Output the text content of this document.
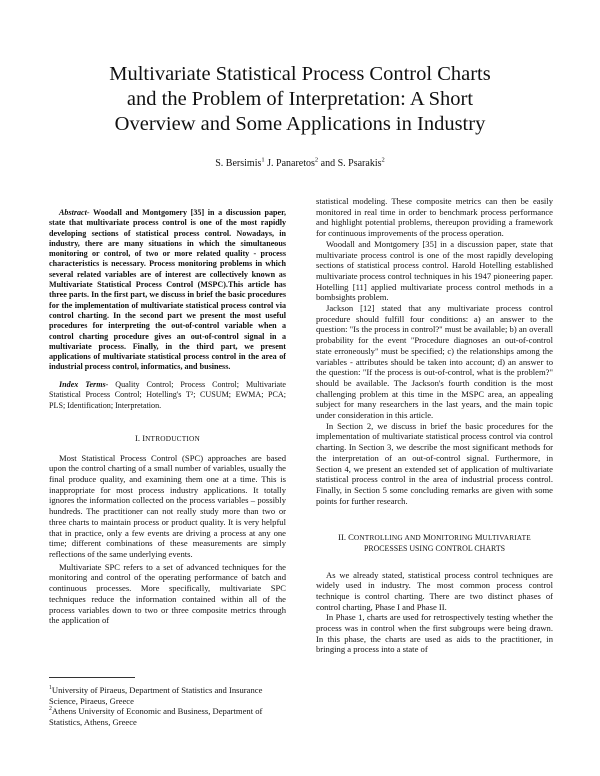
Multivariate Statistical Process Control Charts
and the Problem of Interpretation: A Short
Overview and Some Applications in Industry

S. Bersimis$^1$ J. Panaretos$^2$ and S. Psarakis$^2$

Abstract- Woodall and Montgomery [35] in a discussion paper, state that multivariate process control is one of the most rapidly developing sections of statistical process control. Nowadays, in industry, there are many situations in which the simultaneous monitoring or control, of two or more related quality - process characteristics is necessary. Process monitoring problems in which several related variables are of interest are collectively known as Multivariate Statistical Process Control (MSPC).This article has three parts. In the first part, we discuss in brief the basic procedures for the implementation of multivariate statistical process control via control charting. In the second part we present the most useful procedures for interpreting the out-of-control variable when a control charting procedure gives an out-of-control signal in a multivariate process. Finally, in the third part, we present applications of multivariate statistical process control in the area of industrial process control, informatics, and business.

Index Terms- Quality Control; Process Control; Multivariate Statistical Process Control; Hotelling's T²; CUSUM; EWMA; PCA; PLS; Identification; Interpretation.

I. INTRODUCTION

Most Statistical Process Control (SPC) approaches are based upon the control charting of a small number of variables, usually the final produce quality, and examining them one at a time. This is inappropriate for most process industry applications. It totally ignores the information collected on the process variables – possibly hundreds. The practitioner can not really study more than two or three charts to maintain process or product quality. It is very helpful that in practice, only a few events are driving a process at any one time; different combinations of these measurements are simply reflections of the same underlying events.

Multivariate SPC refers to a set of advanced techniques for the monitoring and control of the operating performance of batch and continuous processes. More specifically, multivariate SPC techniques reduce the information contained within all of the process variables down to two or three composite metrics through the application of

$^1$University of Piraeus, Department of Statistics and Insurance Science, Piraeus, Greece

$^2$Athens University of Economic and Business, Department of Statistics, Athens, Greece

statistical modeling. These composite metrics can then be easily monitored in real time in order to benchmark process performance and highlight potential problems, thereupon providing a framework for continuous improvements of the process operation.

Woodall and Montgomery [35] in a discussion paper, state that multivariate process control is one of the most rapidly developing sections of statistical process control. Harold Hotelling established multivariate process control techniques in his 1947 pioneering paper. Hotelling [11] applied multivariate process control methods in a bombsights problem.

Jackson [12] stated that any multivariate process control procedure should fulfill four conditions: a) an answer to the question: "Is the process in control?" must be available; b) an overall probability for the event "Procedure diagnoses an out-of-control state erroneously" must be specified; c) the relationships among the variables - attributes should be taken into account; d) an answer to the question: "If the process is out-of-control, what is the problem?" should be available. The Jackson's fourth condition is the most challenging problem at this time in the MSPC area, an appealing subject for many researchers in the last years, and the main topic under consideration in this article.

In Section 2, we discuss in brief the basic procedures for the implementation of multivariate statistical process control via control charting. In Section 3, we describe the most significant methods for the interpretation of an out-of-control signal. Furthermore, in Section 4, we present an extended set of application of multivariate statistical process control in the area of industrial process control. Finally, in Section 5 some concluding remarks are given with some points for further research.

II. CONTROLLING AND MONITORING MULTIVARIATE

PROCESSES USING CONTROL CHARTS

As we already stated, statistical process control techniques are widely used in industry. The most common process control technique is control charting. There are two distinct phases of control charting, Phase I and Phase II.

In Phase 1, charts are used for retrospectively testing whether the process was in control when the first subgroups were being drawn. In this phase, the charts are used as aids to the practitioner, in bringing a process into a state of
